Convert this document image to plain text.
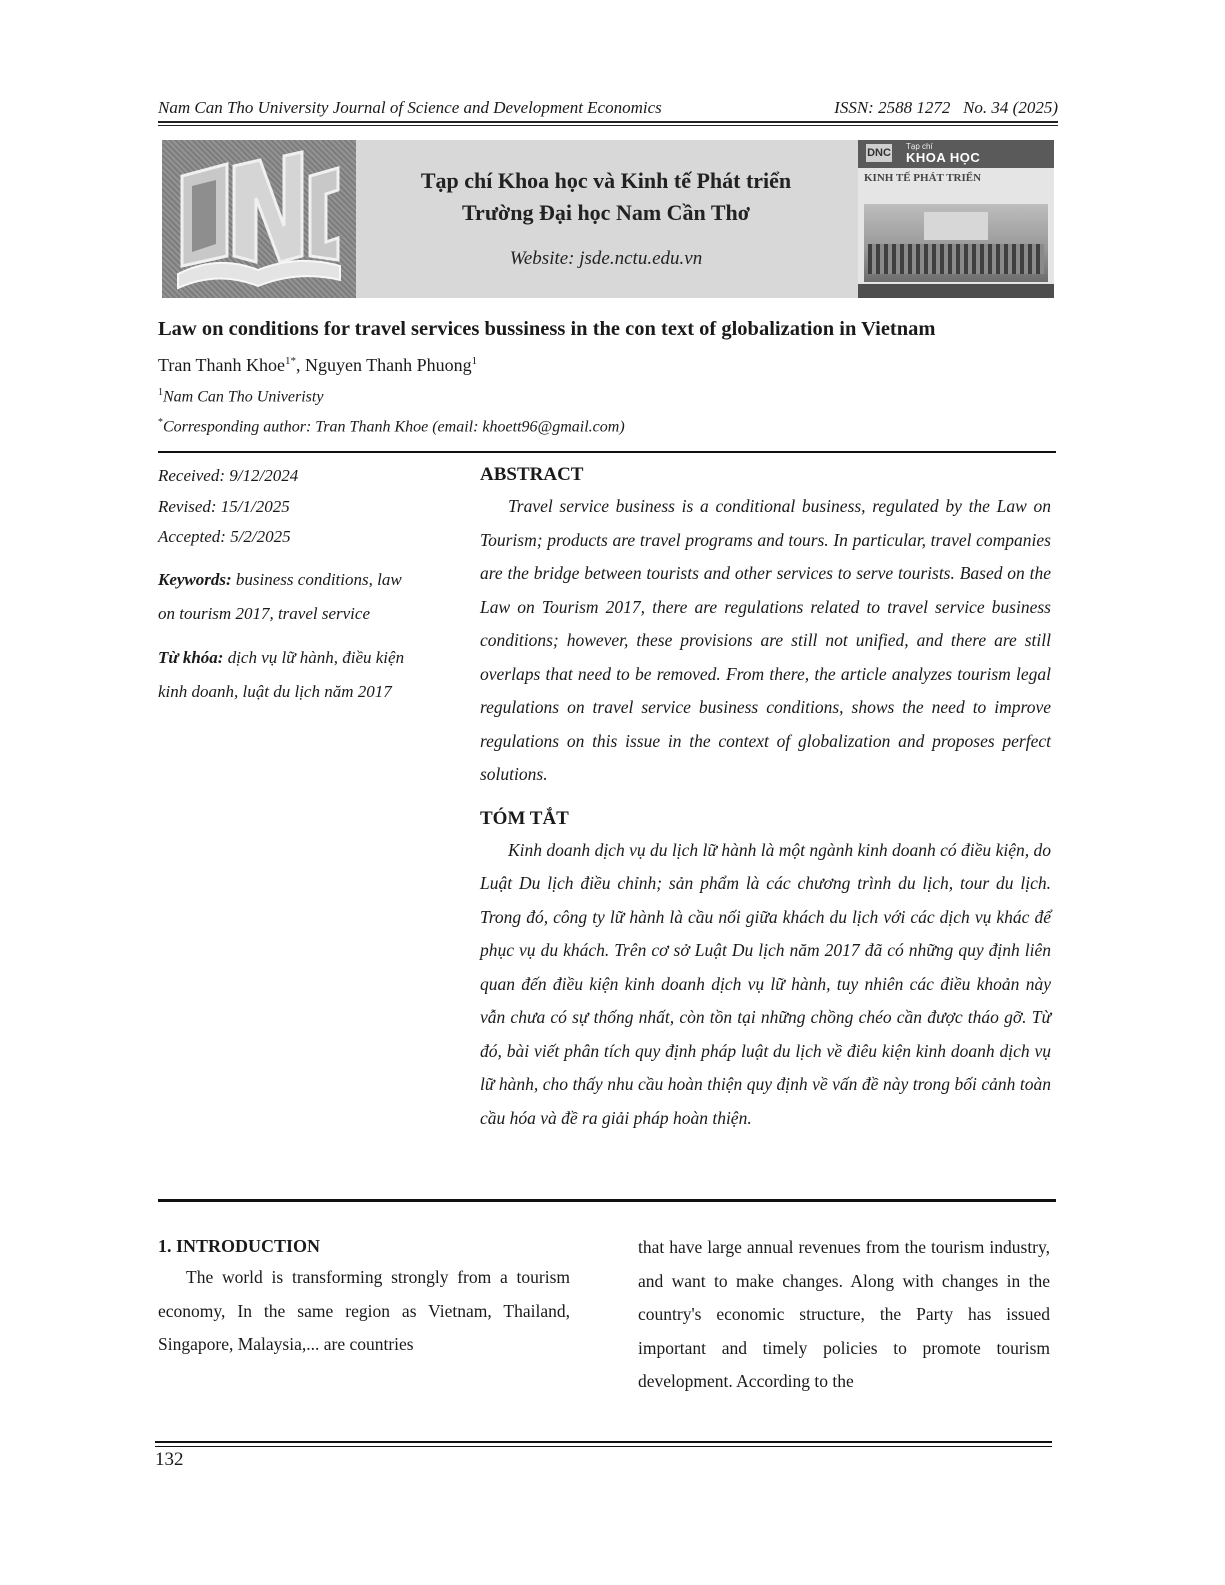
Nam Can Tho University Journal of Science and Development Economics	ISSN: 2588 1272   No. 34 (2025)
Tạp chí Khoa học và Kinh tế Phát triển
Trường Đại học Nam Cần Thơ
Website: jsde.nctu.edu.vn
DNC
Tạp chí
KHOA HỌC
KINH TẾ PHÁT TRIỂN
Law on conditions for travel services bussiness in the con text of globalization in Vietnam
Tran Thanh Khoe$^{1*}$, Nguyen Thanh Phuong$^1$
$^1$Nam Can Tho Univeristy
*Corresponding author: Tran Thanh Khoe (email: khoett96@gmail.com)
Received: 9/12/2024
Revised: 15/1/2025
Accepted: 5/2/2025
Keywords: business conditions, law on tourism 2017, travel service
Từ khóa: dịch vụ lữ hành, điều kiện kinh doanh, luật du lịch năm 2017
ABSTRACT

Travel service business is a conditional business, regulated by the Law on Tourism; products are travel programs and tours. In particular, travel companies are the bridge between tourists and other services to serve tourists. Based on the Law on Tourism 2017, there are regulations related to travel service business conditions; however, these provisions are still not unified, and there are still overlaps that need to be removed. From there, the article analyzes tourism legal regulations on travel service business conditions, shows the need to improve regulations on this issue in the context of globalization and proposes perfect solutions.

TÓM TẮT

Kinh doanh dịch vụ du lịch lữ hành là một ngành kinh doanh có điều kiện, do Luật Du lịch điều chỉnh; sản phẩm là các chương trình du lịch, tour du lịch. Trong đó, công ty lữ hành là cầu nối giữa khách du lịch với các dịch vụ khác để phục vụ du khách. Trên cơ sở Luật Du lịch năm 2017 đã có những quy định liên quan đến điều kiện kinh doanh dịch vụ lữ hành, tuy nhiên các điều khoản này vẫn chưa có sự thống nhất, còn tồn tại những chồng chéo cần được tháo gỡ. Từ đó, bài viết phân tích quy định pháp luật du lịch về điêu kiện kinh doanh dịch vụ lữ hành, cho thấy nhu cầu hoàn thiện quy định về vấn đề này trong bối cảnh toàn cầu hóa và đề ra giải pháp hoàn thiện.

1. INTRODUCTION

The world is transforming strongly from a tourism economy, In the same region as Vietnam, Thailand, Singapore, Malaysia,... are countries

that have large annual revenues from the tourism industry, and want to make changes. Along with changes in the country's economic structure, the Party has issued important and timely policies to promote tourism development. According to the

132
